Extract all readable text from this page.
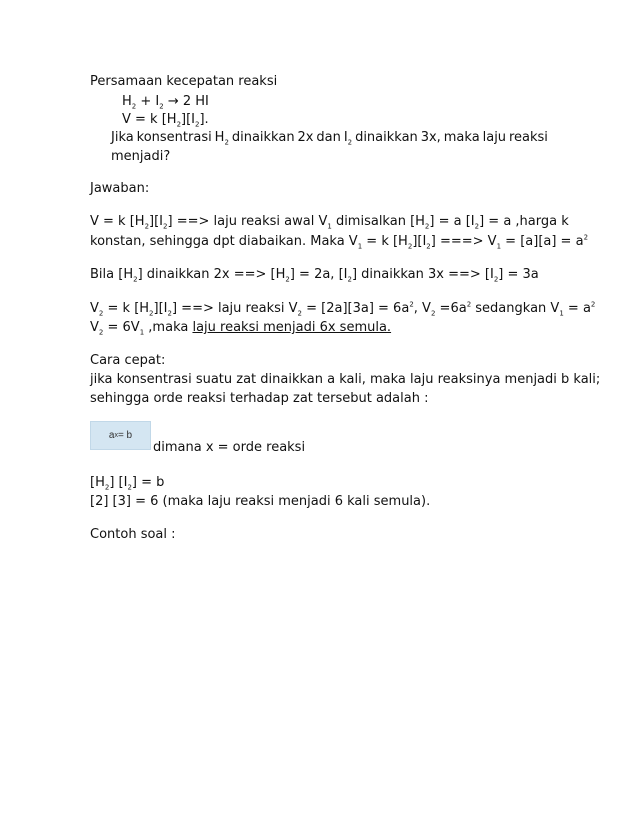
Persamaan kecepatan reaksi

$H_2 + I_2 \to 2$ HI

V = k $[H_2][I_2]$.

Jika konsentrasi $H_2$ dinaikkan 2x dan $I_2$ dinaikkan 3x, maka laju reaksi

menjadi?

Jawaban:

V = k $[H_2][I_2]$ ==> laju reaksi awal $V_1$ dimisalkan $[H_2] = a$ $[I_2] = a$ ,harga k

konstan, sehingga dpt diabaikan. Maka $V_1 = k$ $[H_2][I_2]$ ===> $V_1 = [a][a] = a^2$

Bila $[H_2]$ dinaikkan 2x ==> $[H_2] = 2a$, $[I_2]$ dinaikkan 3x ==> $[I_2] = 3a$

$V_2 = k$ $[H_2][I_2]$ ==> laju reaksi $V_2 = [2a][3a] = 6a^2$, $V_2 =6a^2$ sedangkan $V_1 = a^2$

$V_2 = 6V_1$ ,maka laju reaksi menjadi 6x semula.

Cara cepat:

jika konsentrasi suatu zat dinaikkan a kali, maka laju reaksinya menjadi b kali;

sehingga orde reaksi terhadap zat tersebut adalah :

a x = b

dimana x = orde reaksi

$[H_2] [I_2] = b$

[2] [3] = 6 (maka laju reaksi menjadi 6 kali semula).

Contoh soal :
